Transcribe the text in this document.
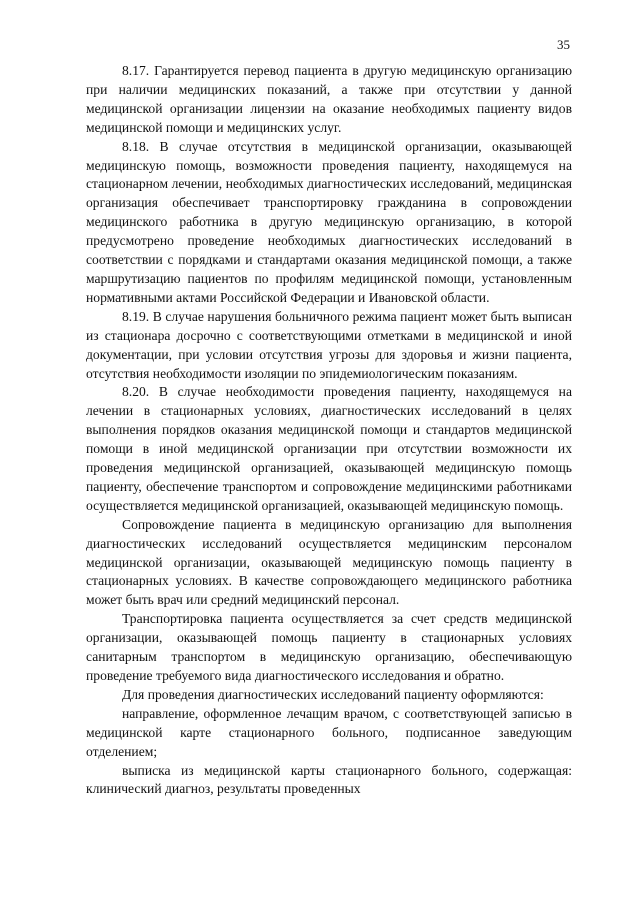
35

8.17. Гарантируется перевод пациента в другую медицинскую организацию при наличии медицинских показаний, а также при отсутствии у данной медицинской организации лицензии на оказание необходимых пациенту видов медицинской помощи и медицинских услуг.

8.18. В случае отсутствия в медицинской организации, оказывающей медицинскую помощь, возможности проведения пациенту, находящемуся на стационарном лечении, необходимых диагностических исследований, медицинская организация обеспечивает транспортировку гражданина в сопровождении медицинского работника в другую медицинскую организацию, в которой предусмотрено проведение необходимых диагностических исследований в соответствии с порядками и стандартами оказания медицинской помощи, а также маршрутизацию пациентов по профилям медицинской помощи, установленным нормативными актами Российской Федерации и Ивановской области.

8.19. В случае нарушения больничного режима пациент может быть выписан из стационара досрочно с соответствующими отметками в медицинской и иной документации, при условии отсутствия угрозы для здоровья и жизни пациента, отсутствия необходимости изоляции по эпидемиологическим показаниям.

8.20. В случае необходимости проведения пациенту, находящемуся на лечении в стационарных условиях, диагностических исследований в целях выполнения порядков оказания медицинской помощи и стандартов медицинской помощи в иной медицинской организации при отсутствии возможности их проведения медицинской организацией, оказывающей медицинскую помощь пациенту, обеспечение транспортом и сопровождение медицинскими работниками осуществляется медицинской организацией, оказывающей медицинскую помощь.

Сопровождение пациента в медицинскую организацию для выполнения диагностических исследований осуществляется медицинским персоналом медицинской организации, оказывающей медицинскую помощь пациенту в стационарных условиях. В качестве сопровождающего медицинского работника может быть врач или средний медицинский персонал.

Транспортировка пациента осуществляется за счет средств медицинской организации, оказывающей помощь пациенту в стационарных условиях санитарным транспортом в медицинскую организацию, обеспечивающую проведение требуемого вида диагностического исследования и обратно.

Для проведения диагностических исследований пациенту оформляются:

направление, оформленное лечащим врачом, с соответствующей записью в медицинской карте стационарного больного, подписанное заведующим отделением;

выписка из медицинской карты стационарного больного, содержащая: клинический диагноз, результаты проведенных
